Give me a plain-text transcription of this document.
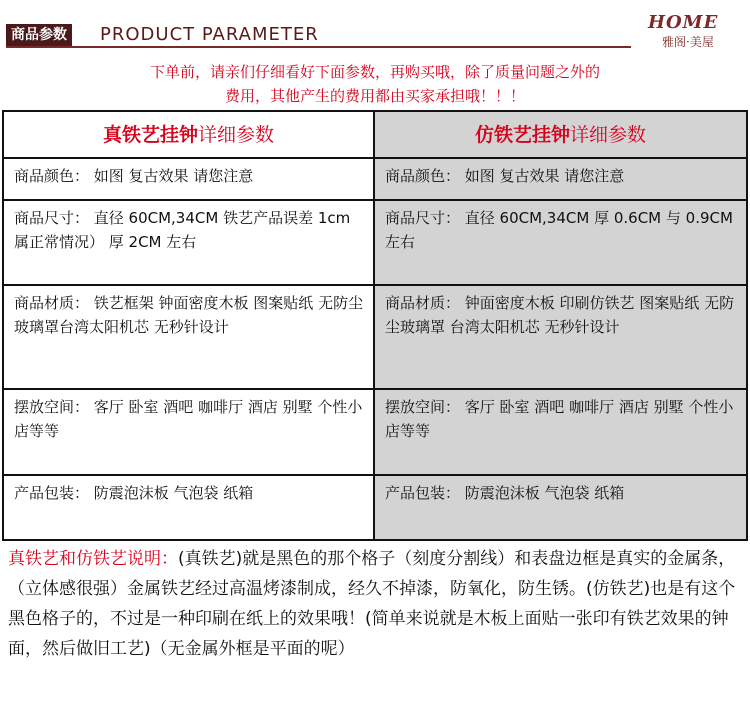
商品参数 PRODUCT PARAMETER
HOME
雅阁·美屋
下单前，请亲们仔细看好下面参数，再购买哦，除了质量问题之外的
费用，其他产生的费用都由买家承担哦！！！
真铁艺挂钟 详细参数
商品颜色： 如图 复古效果 请您注意
商品尺寸： 直径 60CM,34CM 铁艺产品误差 1cm 属正常情况） 厚 2CM 左右
商品材质： 铁艺框架 钟面密度木板 图案贴纸 无防尘玻璃罩台湾太阳机芯 无秒针设计
摆放空间： 客厅 卧室 酒吧 咖啡厅 酒店 别墅 个性小店等等
产品包装： 防震泡沫板 气泡袋 纸箱
仿铁艺挂钟 详细参数
商品颜色： 如图 复古效果 请您注意
商品尺寸： 直径 60CM,34CM 厚 0.6CM 与 0.9CM 左右
商品材质： 钟面密度木板 印刷仿铁艺 图案贴纸 无防尘玻璃罩 台湾太阳机芯 无秒针设计
摆放空间： 客厅 卧室 酒吧 咖啡厅 酒店 别墅 个性小店等等
产品包装： 防震泡沫板 气泡袋 纸箱
真铁艺和仿铁艺说明：(真铁艺)就是黑色的那个格子（刻度分割线）和表盘边框是真实的金属条，（立体感很强）金属铁艺经过高温烤漆制成，经久不掉漆，防氧化，防生锈。(仿铁艺)也是有这个黑色格子的，不过是一种印刷在纸上的效果哦！(简单来说就是木板上面贴一张印有铁艺效果的钟面，然后做旧工艺)（无金属外框是平面的呢）
